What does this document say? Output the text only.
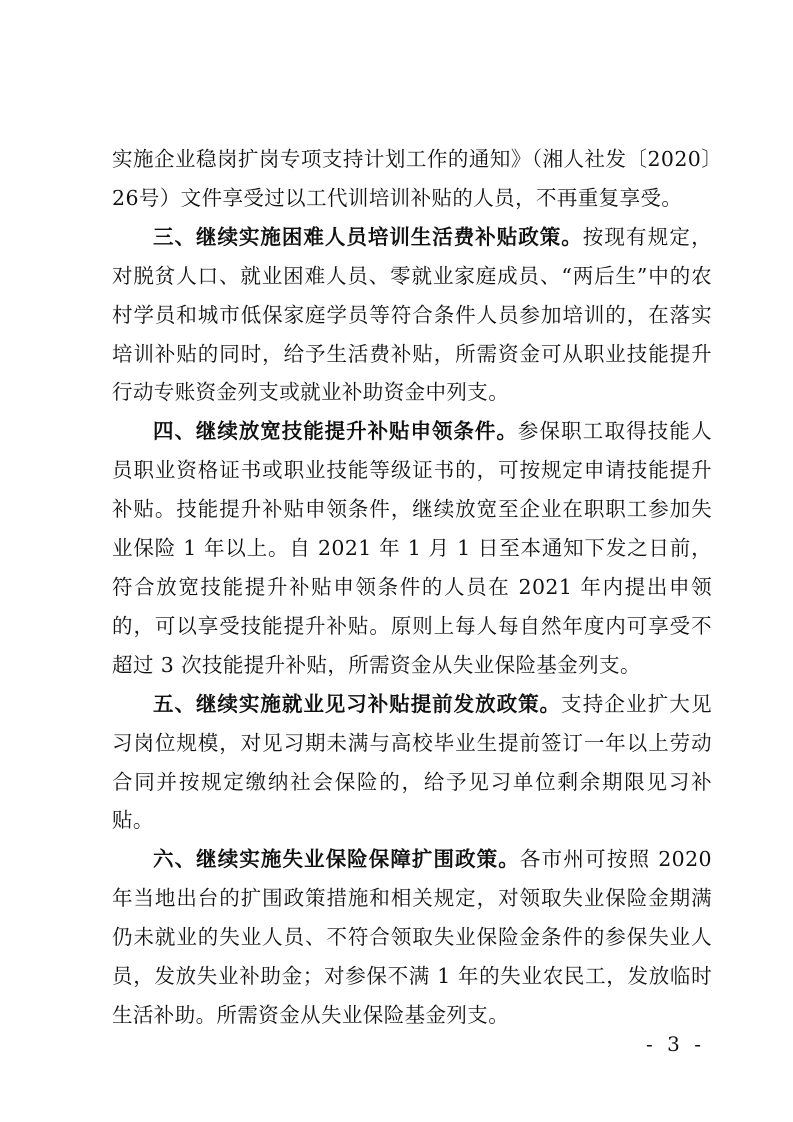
实施企业稳岗扩岗专项支持计划工作的通知》（湘人社发〔2020〕26号）文件享受过以工代训培训补贴的人员，不再重复享受。

三、继续实施困难人员培训生活费补贴政策。按现有规定，对脱贫人口、就业困难人员、零就业家庭成员、“两后生”中的农村学员和城市低保家庭学员等符合条件人员参加培训的，在落实培训补贴的同时，给予生活费补贴，所需资金可从职业技能提升行动专账资金列支或就业补助资金中列支。

四、继续放宽技能提升补贴申领条件。参保职工取得技能人员职业资格证书或职业技能等级证书的，可按规定申请技能提升补贴。技能提升补贴申领条件，继续放宽至企业在职职工参加失业保险 1 年以上。自 2021 年 1 月 1 日至本通知下发之日前，符合放宽技能提升补贴申领条件的人员在 2021 年内提出申领的，可以享受技能提升补贴。原则上每人每自然年度内可享受不超过 3 次技能提升补贴，所需资金从失业保险基金列支。

五、继续实施就业见习补贴提前发放政策。支持企业扩大见习岗位规模，对见习期未满与高校毕业生提前签订一年以上劳动合同并按规定缴纳社会保险的，给予见习单位剩余期限见习补贴。

六、继续实施失业保险保障扩围政策。各市州可按照 2020 年当地出台的扩围政策措施和相关规定，对领取失业保险金期满仍未就业的失业人员、不符合领取失业保险金条件的参保失业人员，发放失业补助金；对参保不满 1 年的失业农民工，发放临时生活补助。所需资金从失业保险基金列支。

- 3 -
